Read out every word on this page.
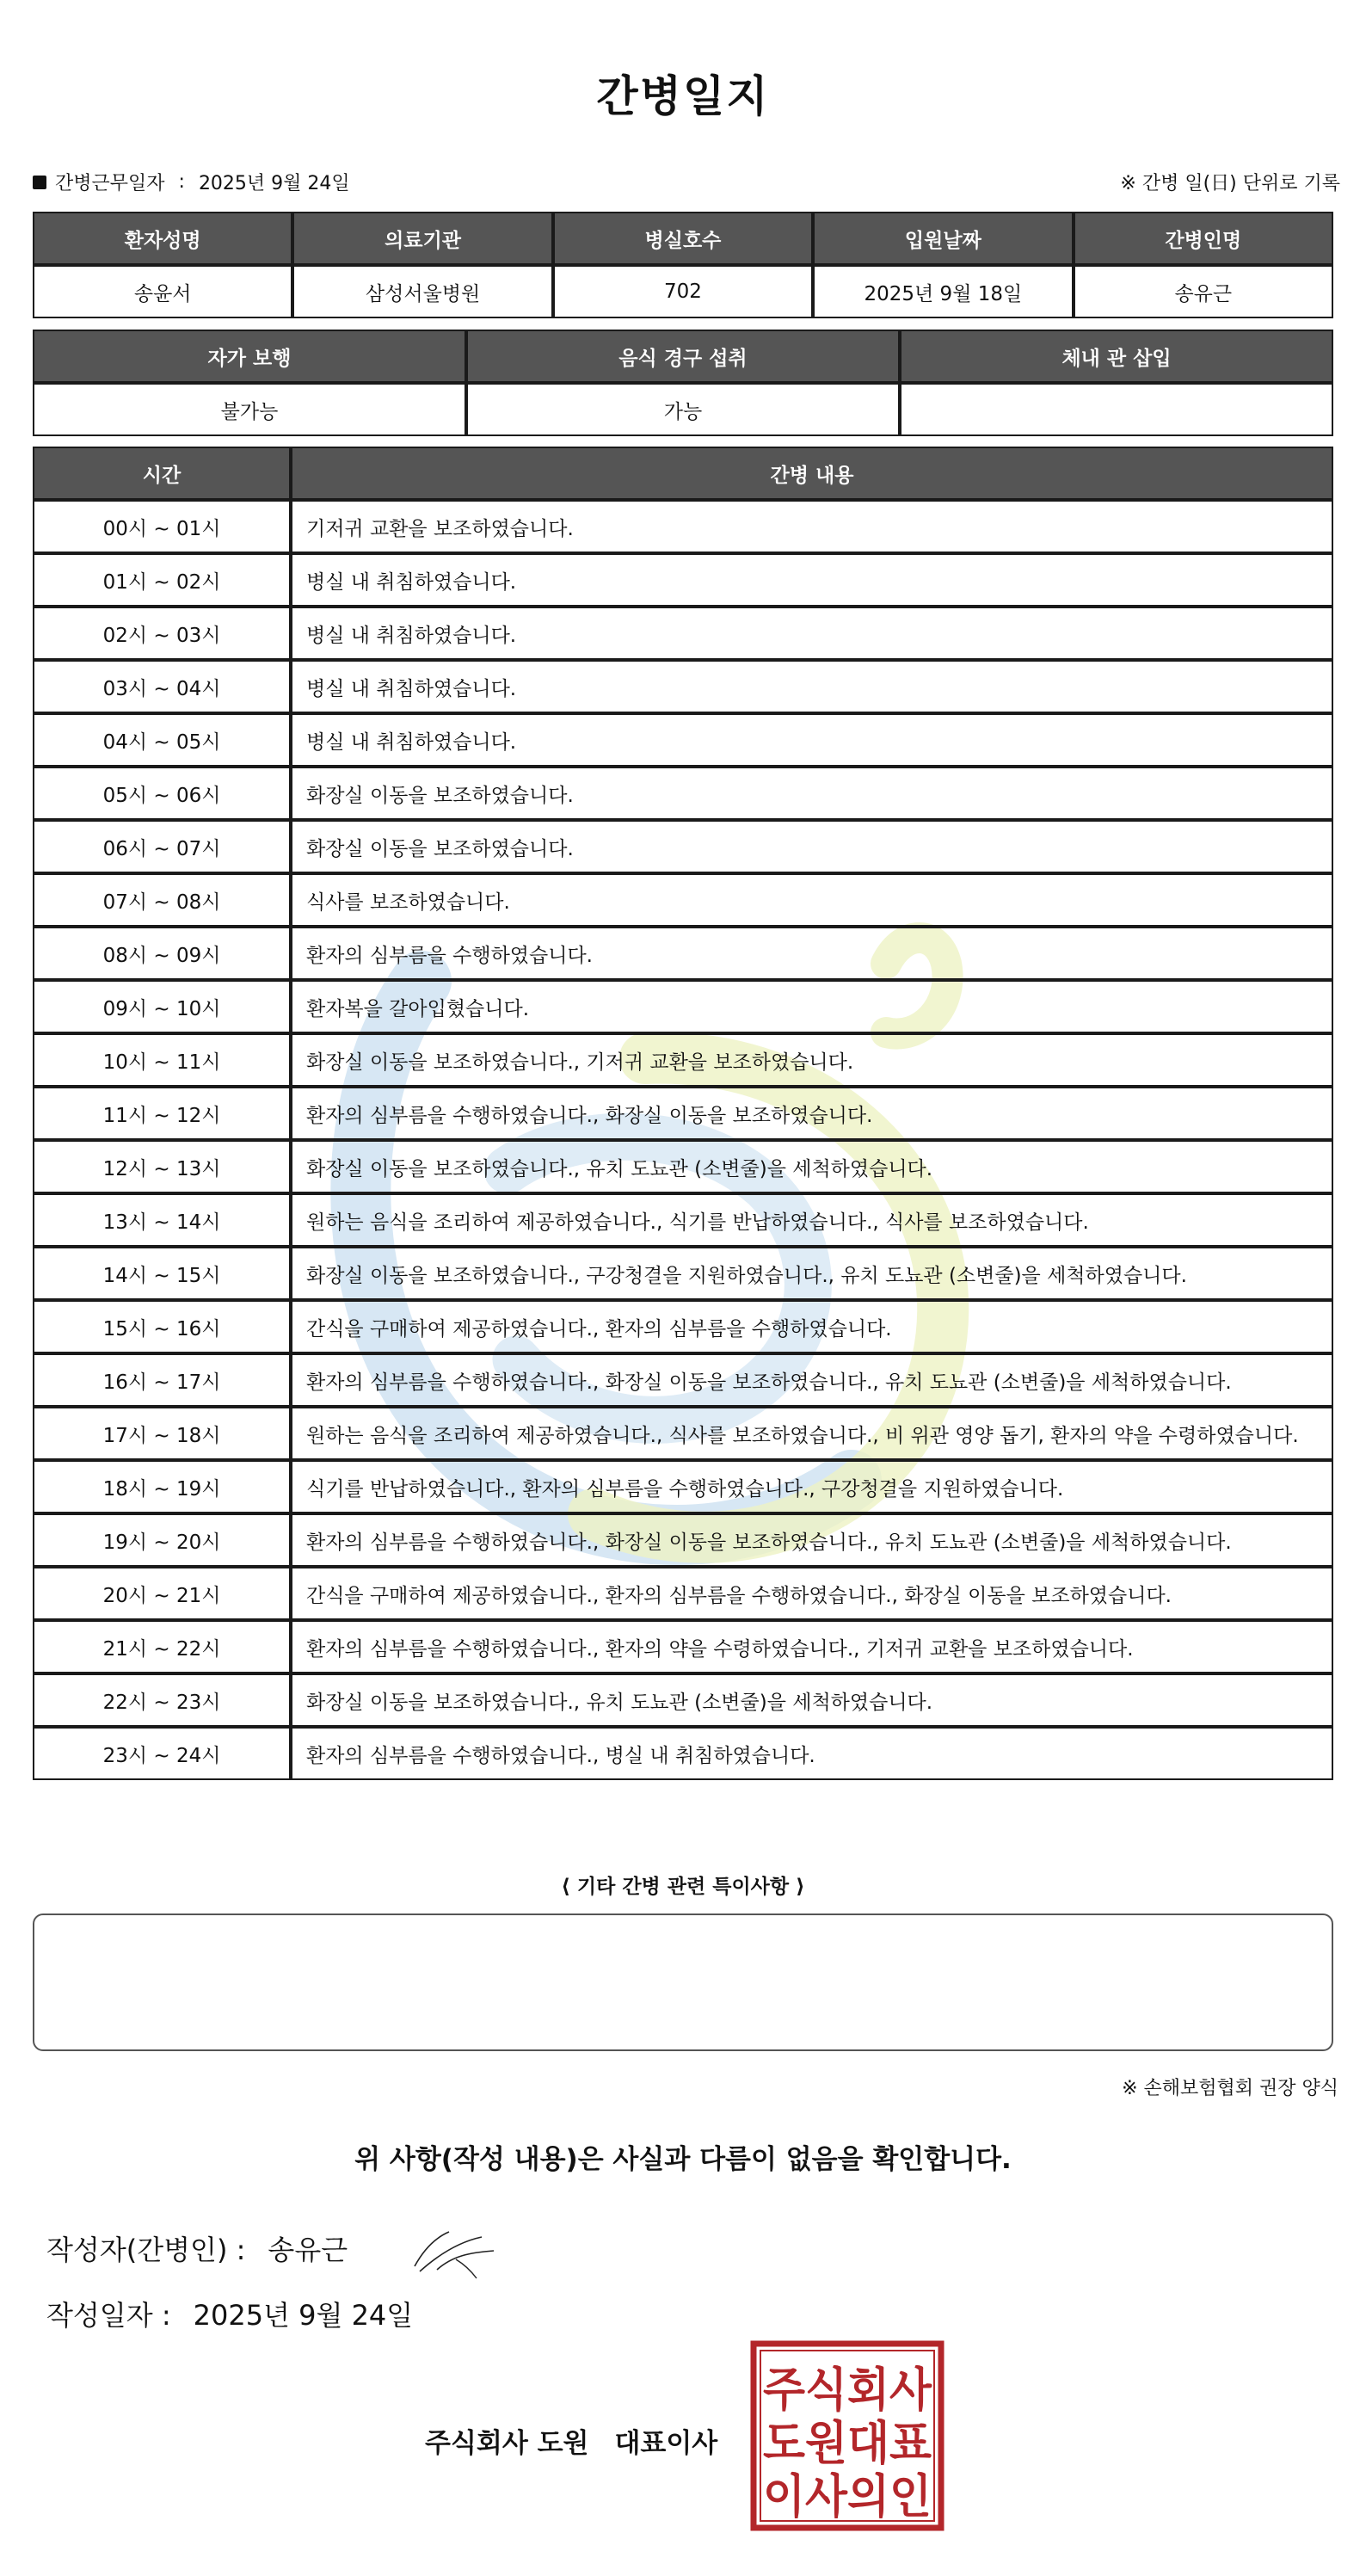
간병일지
간병근무일자 : 2025년 9월 24일	※ 간병 일(日) 단위로 기록
환자성명	의료기관	병실호수	입원날짜	간병인명
송윤서	삼성서울병원	702	2025년 9월 18일	송유근
자가 보행	음식 경구 섭취	체내 관 삽입
불가능	가능	
시간	간병 내용
00시 ~ 01시	기저귀 교환을 보조하였습니다.
01시 ~ 02시	병실 내 취침하였습니다.
02시 ~ 03시	병실 내 취침하였습니다.
03시 ~ 04시	병실 내 취침하였습니다.
04시 ~ 05시	병실 내 취침하였습니다.
05시 ~ 06시	화장실 이동을 보조하였습니다.
06시 ~ 07시	화장실 이동을 보조하였습니다.
07시 ~ 08시	식사를 보조하였습니다.
08시 ~ 09시	환자의 심부름을 수행하였습니다.
09시 ~ 10시	환자복을 갈아입혔습니다.
10시 ~ 11시	화장실 이동을 보조하였습니다., 기저귀 교환을 보조하였습니다.
11시 ~ 12시	환자의 심부름을 수행하였습니다., 화장실 이동을 보조하였습니다.
12시 ~ 13시	화장실 이동을 보조하였습니다., 유치 도뇨관 (소변줄)을 세척하였습니다.
13시 ~ 14시	원하는 음식을 조리하여 제공하였습니다., 식기를 반납하였습니다., 식사를 보조하였습니다.
14시 ~ 15시	화장실 이동을 보조하였습니다., 구강청결을 지원하였습니다., 유치 도뇨관 (소변줄)을 세척하였습니다.
15시 ~ 16시	간식을 구매하여 제공하였습니다., 환자의 심부름을 수행하였습니다.
16시 ~ 17시	환자의 심부름을 수행하였습니다., 화장실 이동을 보조하였습니다., 유치 도뇨관 (소변줄)을 세척하였습니다.
17시 ~ 18시	원하는 음식을 조리하여 제공하였습니다., 식사를 보조하였습니다., 비 위관 영양 돕기, 환자의 약을 수령하였습니다.
18시 ~ 19시	식기를 반납하였습니다., 환자의 심부름을 수행하였습니다., 구강청결을 지원하였습니다.
19시 ~ 20시	환자의 심부름을 수행하였습니다., 화장실 이동을 보조하였습니다., 유치 도뇨관 (소변줄)을 세척하였습니다.
20시 ~ 21시	간식을 구매하여 제공하였습니다., 환자의 심부름을 수행하였습니다., 화장실 이동을 보조하였습니다.
21시 ~ 22시	환자의 심부름을 수행하였습니다., 환자의 약을 수령하였습니다., 기저귀 교환을 보조하였습니다.
22시 ~ 23시	화장실 이동을 보조하였습니다., 유치 도뇨관 (소변줄)을 세척하였습니다.
23시 ~ 24시	환자의 심부름을 수행하였습니다., 병실 내 취침하였습니다.
⟨ 기타 간병 관련 특이사항 ⟩
※ 손해보험협회 권장 양식
위 사항(작성 내용)은 사실과 다름이 없음을 확인합니다.
작성자(간병인) : 송유근
작성일자 : 2025년 9월 24일
주식회사 도원 대표이사
주식회사
도원대표
이사의인
